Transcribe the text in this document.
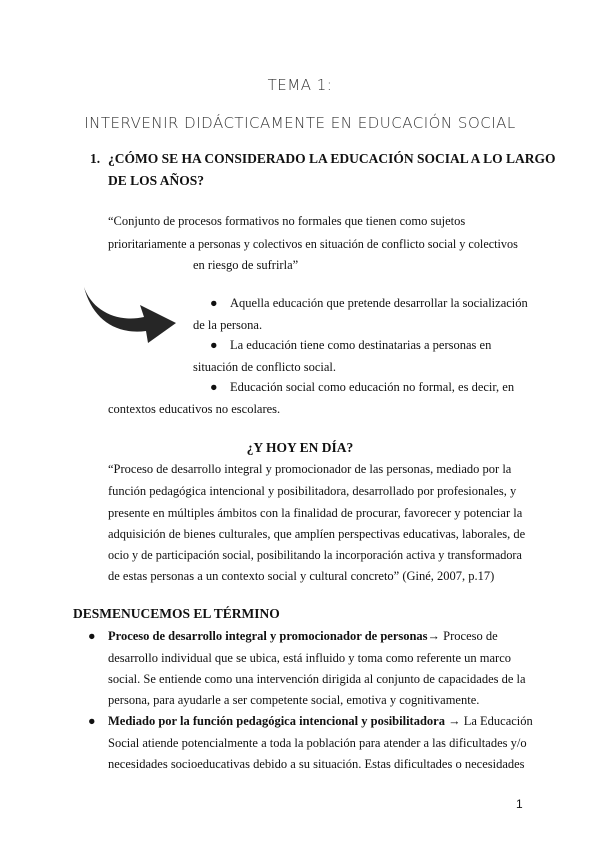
TEMA 1:
INTERVENIR DIDÁCTICAMENTE EN EDUCACIÓN SOCIAL
1. ¿CÓMO SE HA CONSIDERADO LA EDUCACIÓN SOCIAL A LO LARGO
DE LOS AÑOS?
“Conjunto de procesos formativos no formales que tienen como sujetos
prioritariamente a personas y colectivos en situación de conflicto social y colectivos
en riesgo de sufrirla”
● Aquella educación que pretende desarrollar la socialización
de la persona.
● La educación tiene como destinatarias a personas en
situación de conflicto social.
● Educación social como educación no formal, es decir, en
contextos educativos no escolares.
¿Y HOY EN DÍA?
“Proceso de desarrollo integral y promocionador de las personas, mediado por la
función pedagógica intencional y posibilitadora, desarrollado por profesionales, y
presente en múltiples ámbitos con la finalidad de procurar, favorecer y potenciar la
adquisición de bienes culturales, que amplíen perspectivas educativas, laborales, de
ocio y de participación social, posibilitando la incorporación activa y transformadora
de estas personas a un contexto social y cultural concreto” (Giné, 2007, p.17)
DESMENUCEMOS EL TÉRMINO
● Proceso de desarrollo integral y promocionador de personas→ Proceso de
desarrollo individual que se ubica, está influido y toma como referente un marco
social. Se entiende como una intervención dirigida al conjunto de capacidades de la
persona, para ayudarle a ser competente social, emotiva y cognitivamente.
● Mediado por la función pedagógica intencional y posibilitadora → La Educación
Social atiende potencialmente a toda la población para atender a las dificultades y/o
necesidades socioeducativas debido a su situación. Estas dificultades o necesidades
1
